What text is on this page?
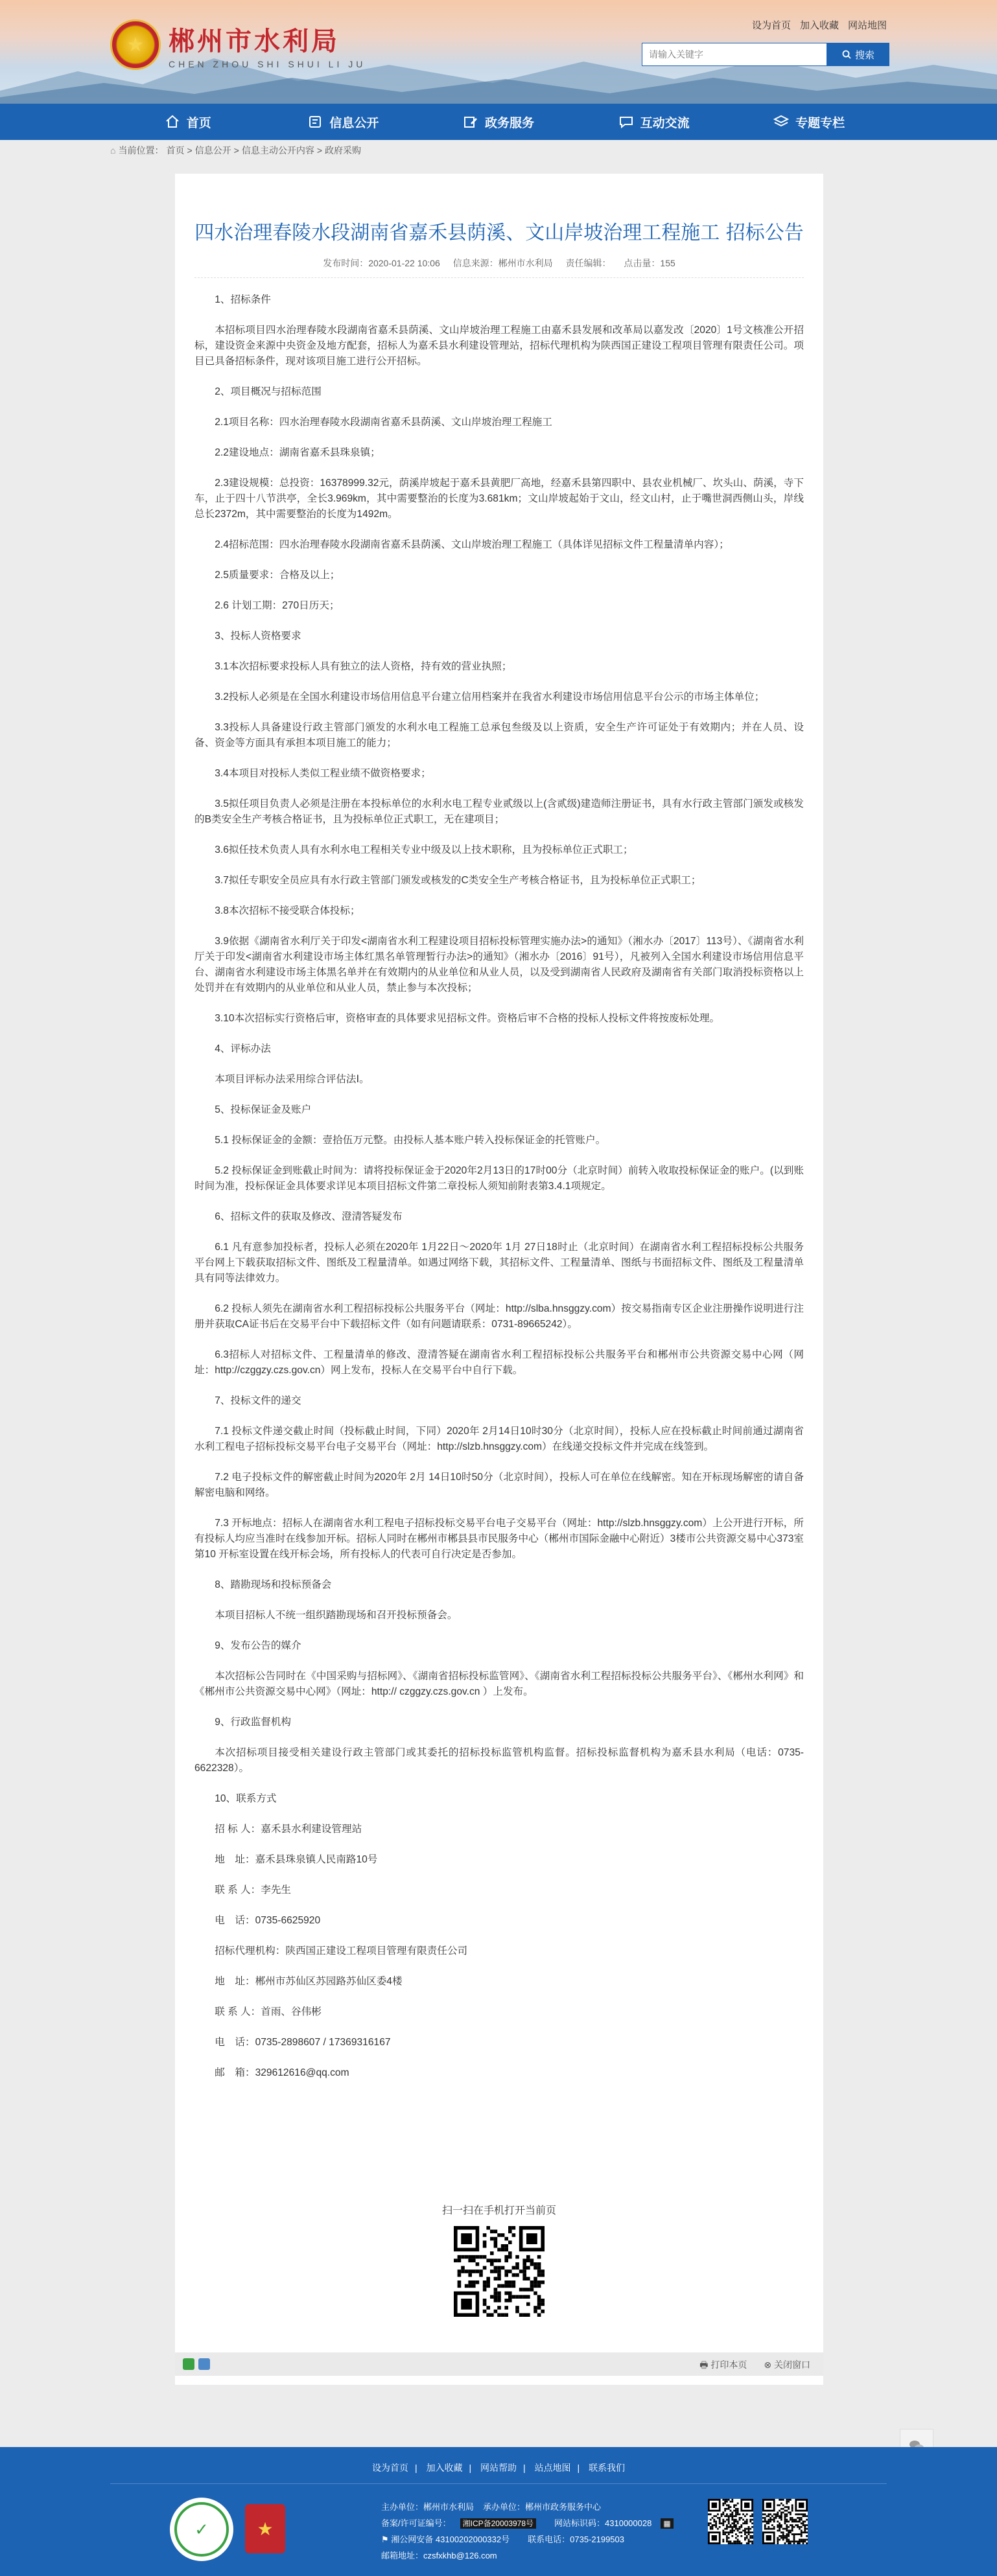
★ 郴州市水利局
CHEN ZHOU SHI SHUI LI JU
设为首页 加入收藏 网站地图
请输入关键字
搜索
首页	信息公开	政务服务	互动交流	专题专栏
⌂ 当前位置： 首页 > 信息公开 > 信息主动公开内容 > 政府采购
四水治理春陵水段湖南省嘉禾县荫溪、文山岸坡治理工程施工 招标公告
发布时间：2020-01-22 10:06 信息来源：郴州市水利局 责任编辑： 点击量：155

1、招标条件

本招标项目四水治理春陵水段湖南省嘉禾县荫溪、文山岸坡治理工程施工由嘉禾县发展和改革局以嘉发改〔2020〕1号文核准公开招标，建设资金来源中央资金及地方配套，招标人为嘉禾县水利建设管理站，招标代理机构为陕西国正建设工程项目管理有限责任公司。项目已具备招标条件，现对该项目施工进行公开招标。

2、项目概况与招标范围

2.1项目名称：四水治理春陵水段湖南省嘉禾县荫溪、文山岸坡治理工程施工

2.2建设地点：湖南省嘉禾县珠泉镇；

2.3建设规模：总投资：16378999.32元，荫溪岸坡起于嘉禾县黄肥厂高地，经嘉禾县第四职中、县农业机械厂、坎头山、荫溪，寺下车，止于四十八节洪亭，全长3.969km，其中需要整治的长度为3.681km；文山岸坡起始于文山，经文山村，止于嘴世洞西侧山头，岸线总长2372m，其中需要整治的长度为1492m。

2.4招标范围：四水治理春陵水段湖南省嘉禾县荫溪、文山岸坡治理工程施工（具体详见招标文件工程量清单内容）；

2.5质量要求：合格及以上；

2.6 计划工期：270日历天；

3、投标人资格要求

3.1本次招标要求投标人具有独立的法人资格，持有效的营业执照；

3.2投标人必须是在全国水利建设市场信用信息平台建立信用档案并在我省水利建设市场信用信息平台公示的市场主体单位；

3.3投标人具备建设行政主管部门颁发的水利水电工程施工总承包叁级及以上资质，安全生产许可证处于有效期内；并在人员、设备、资金等方面具有承担本项目施工的能力；

3.4本项目对投标人类似工程业绩不做资格要求；

3.5拟任项目负责人必须是注册在本投标单位的水利水电工程专业贰级以上(含贰级)建造师注册证书，具有水行政主管部门颁发或核发的B类安全生产考核合格证书，且为投标单位正式职工，无在建项目；

3.6拟任技术负责人具有水利水电工程相关专业中级及以上技术职称，且为投标单位正式职工；

3.7拟任专职安全员应具有水行政主管部门颁发或核发的C类安全生产考核合格证书，且为投标单位正式职工；

3.8本次招标不接受联合体投标；

3.9依据《湖南省水利厅关于印发<湖南省水利工程建设项目招标投标管理实施办法>的通知》（湘水办〔2017〕113号）、《湖南省水利厅关于印发<湖南省水利建设市场主体红黑名单管理暂行办法>的通知》（湘水办〔2016〕91号），凡被列入全国水利建设市场信用信息平台、湖南省水利建设市场主体黑名单并在有效期内的从业单位和从业人员，以及受到湖南省人民政府及湖南省有关部门取消投标资格以上处罚并在有效期内的从业单位和从业人员，禁止参与本次投标；

3.10本次招标实行资格后审，资格审查的具体要求见招标文件。资格后审不合格的投标人投标文件将按废标处理。

4、评标办法

本项目评标办法采用综合评估法Ⅰ。

5、投标保证金及账户

5.1 投标保证金的金额：壹拾伍万元整。由投标人基本账户转入投标保证金的托管账户。

5.2 投标保证金到账截止时间为：请将投标保证金于2020年2月13日的17时00分（北京时间）前转入收取投标保证金的账户。(以到账时间为准，投标保证金具体要求详见本项目招标文件第二章投标人须知前附表第3.4.1项规定。

6、招标文件的获取及修改、澄清答疑发布

6.1 凡有意参加投标者，投标人必须在2020年 1月22日～2020年 1月 27日18时止（北京时间）在湖南省水利工程招标投标公共服务平台网上下载获取招标文件、图纸及工程量清单。如遇过网络下载，其招标文件、工程量清单、图纸与书面招标文件、图纸及工程量清单具有同等法律效力。

6.2 投标人须先在湖南省水利工程招标投标公共服务平台（网址：http://slba.hnsggzy.com）按交易指南专区企业注册操作说明进行注册并获取CA证书后在交易平台中下载招标文件（如有问题请联系：0731-89665242）。

6.3招标人对招标文件、工程量清单的修改、澄清答疑在湖南省水利工程招标投标公共服务平台和郴州市公共资源交易中心网（网址：http://czggzy.czs.gov.cn）网上发布，投标人在交易平台中自行下载。

7、投标文件的递交

7.1 投标文件递交截止时间（投标截止时间，下同）2020年 2月14日10时30分（北京时间），投标人应在投标截止时间前通过湖南省水利工程电子招标投标交易平台电子交易平台（网址：http://slzb.hnsggzy.com）在线递交投标文件并完成在线签到。

7.2 电子投标文件的解密截止时间为2020年 2月 14日10时50分（北京时间），投标人可在单位在线解密。知在开标现场解密的请自备解密电脑和网络。

7.3 开标地点：招标人在湖南省水利工程电子招标投标交易平台电子交易平台（网址：http://slzb.hnsggzy.com）上公开进行开标，所有投标人均应当准时在线参加开标。招标人同时在郴州市郴县县市民服务中心（郴州市国际金融中心附近）3楼市公共资源交易中心373室第10 开标室设置在线开标会场，所有投标人的代表可自行决定是否参加。

8、踏勘现场和投标预备会

本项目招标人不统一组织踏勘现场和召开投标预备会。

9、发布公告的媒介

本次招标公告同时在《中国采购与招标网》、《湖南省招标投标监管网》、《湖南省水利工程招标投标公共服务平台》、《郴州水利网》和《郴州市公共资源交易中心网》（网址：http:// czggzy.czs.gov.cn ）上发布。

9、行政监督机构

本次招标项目接受相关建设行政主管部门或其委托的招标投标监管机构监督。招标投标监督机构为嘉禾县水利局（电话：0735-6622328）。

10、联系方式

招 标 人：嘉禾县水利建设管理站

地　址：嘉禾县珠泉镇人民南路10号

联 系 人：李先生

电　话：0735-6625920

招标代理机构：陕西国正建设工程项目管理有限责任公司

地　址：郴州市苏仙区苏园路苏仙区委4楼

联 系 人：首雨、谷伟彬

电　话：0735-2898607 / 17369316167

邮　箱：329612616@qq.com

扫一扫在手机打开当前页
🖶 打印本页 ⊗ 关闭窗口
设为首页 | 加入收藏 | 网站帮助 | 站点地图 | 联系我们
✓	★
主办单位：郴州市水利局 承办单位：郴州市政务服务中心
备案/许可证编号： 湘ICP备20003978号 网站标识码：4310000028 ▦
⚑ 湘公网安备 43100202000332号 联系电话：0735-2199503
邮箱地址：czsfxkhb@126.com
